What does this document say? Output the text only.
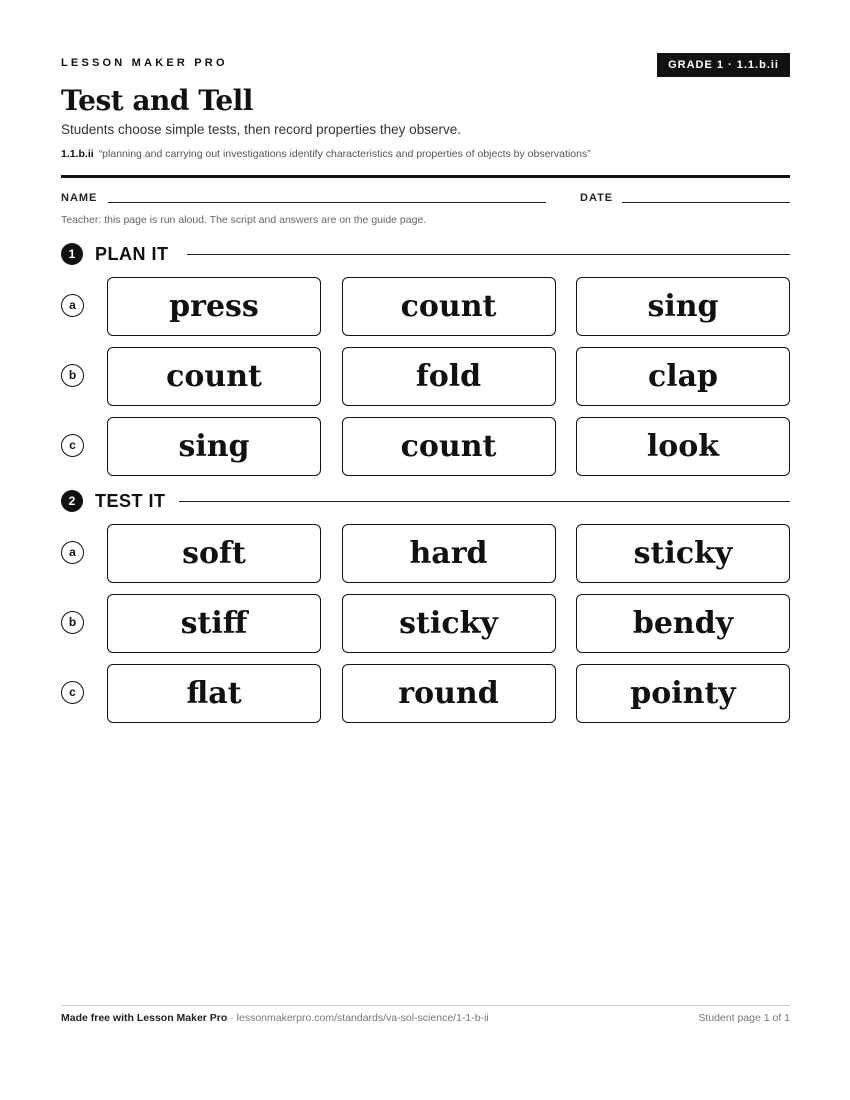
LESSON MAKER PRO	GRADE 1 · 1.1.b.ii
Test and Tell
Students choose simple tests, then record properties they observe.
1.1.b.ii “planning and carrying out investigations identify characteristics and properties of objects by observations”
NAME	DATE
Teacher: this page is run aloud. The script and answers are on the guide page.
1	PLAN IT
a	press	count	sing
b	count	fold	clap
c	sing	count	look
2	TEST IT
a	soft	hard	sticky
b	stiff	sticky	bendy
c	flat	round	pointy
Made free with Lesson Maker Pro · lessonmakerpro.com/standards/va-sol-science/1-1-b-ii	Student page 1 of 1
